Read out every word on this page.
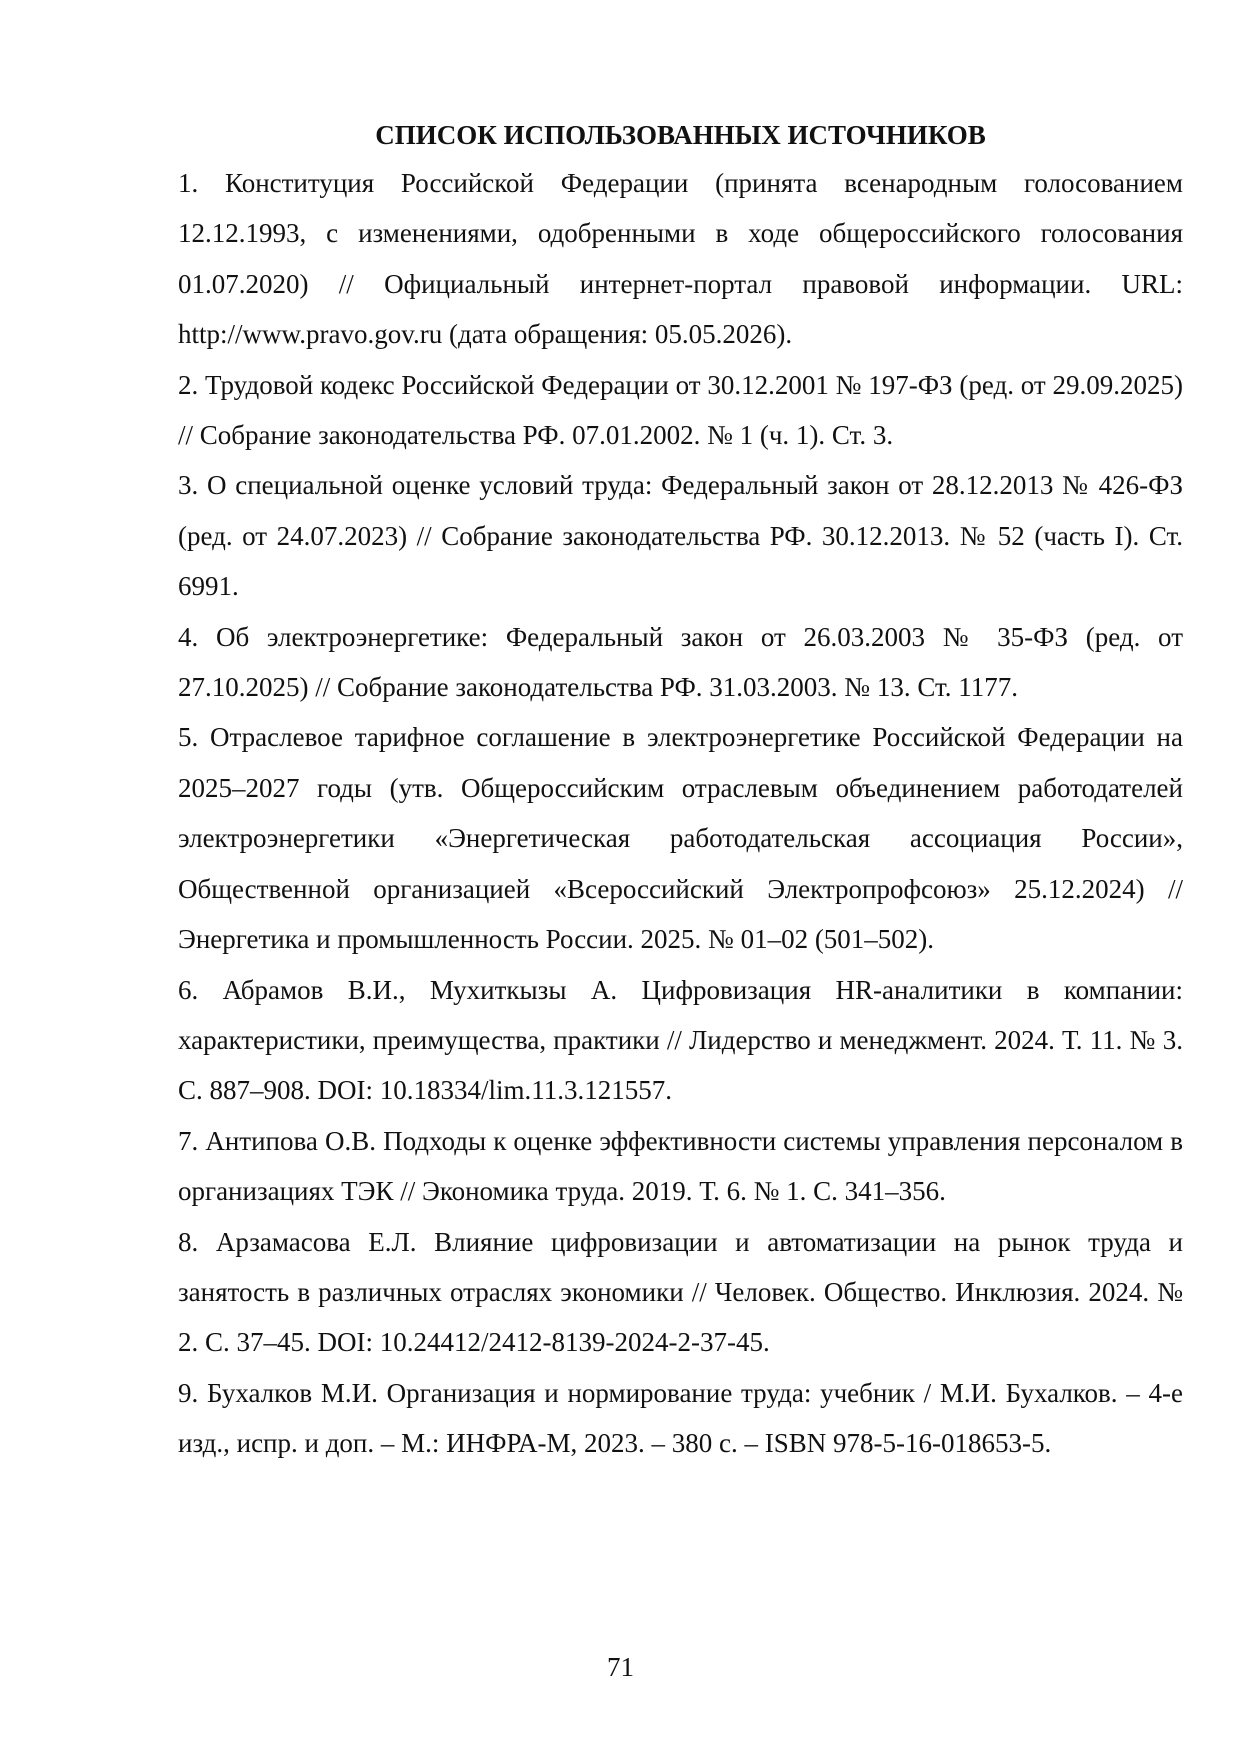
СПИСОК ИСПОЛЬЗОВАННЫХ ИСТОЧНИКОВ
1. Конституция Российской Федерации (принята всенародным голосованием 12.12.1993, с изменениями, одобренными в ходе общероссийского голосования 01.07.2020) // Официальный интернет-портал правовой информации. URL: http://www.pravo.gov.ru (дата обращения: 05.05.2026).
2. Трудовой кодекс Российской Федерации от 30.12.2001 № 197-ФЗ (ред. от 29.09.2025) // Собрание законодательства РФ. 07.01.2002. № 1 (ч. 1). Ст. 3.
3. О специальной оценке условий труда: Федеральный закон от 28.12.2013 № 426-ФЗ (ред. от 24.07.2023) // Собрание законодательства РФ. 30.12.2013. № 52 (часть I). Ст. 6991.
4. Об электроэнергетике: Федеральный закон от 26.03.2003 № 35-ФЗ (ред. от 27.10.2025) // Собрание законодательства РФ. 31.03.2003. № 13. Ст. 1177.
5. Отраслевое тарифное соглашение в электроэнергетике Российской Федерации на 2025–2027 годы (утв. Общероссийским отраслевым объединением работодателей электроэнергетики «Энергетическая работодательская ассоциация России», Общественной организацией «Всероссийский Электропрофсоюз» 25.12.2024) // Энергетика и промышленность России. 2025. № 01–02 (501–502).
6. Абрамов В.И., Мухиткызы А. Цифровизация HR-аналитики в компании: характеристики, преимущества, практики // Лидерство и менеджмент. 2024. Т. 11. № 3. С. 887–908. DOI: 10.18334/lim.11.3.121557.
7. Антипова О.В. Подходы к оценке эффективности системы управления персоналом в организациях ТЭК // Экономика труда. 2019. Т. 6. № 1. С. 341–356.
8. Арзамасова Е.Л. Влияние цифровизации и автоматизации на рынок труда и занятость в различных отраслях экономики // Человек. Общество. Инклюзия. 2024. № 2. С. 37–45. DOI: 10.24412/2412-8139-2024-2-37-45.
9. Бухалков М.И. Организация и нормирование труда: учебник / М.И. Бухалков. – 4-е изд., испр. и доп. – М.: ИНФРА-М, 2023. – 380 с. – ISBN 978-5-16-018653-5.
71
